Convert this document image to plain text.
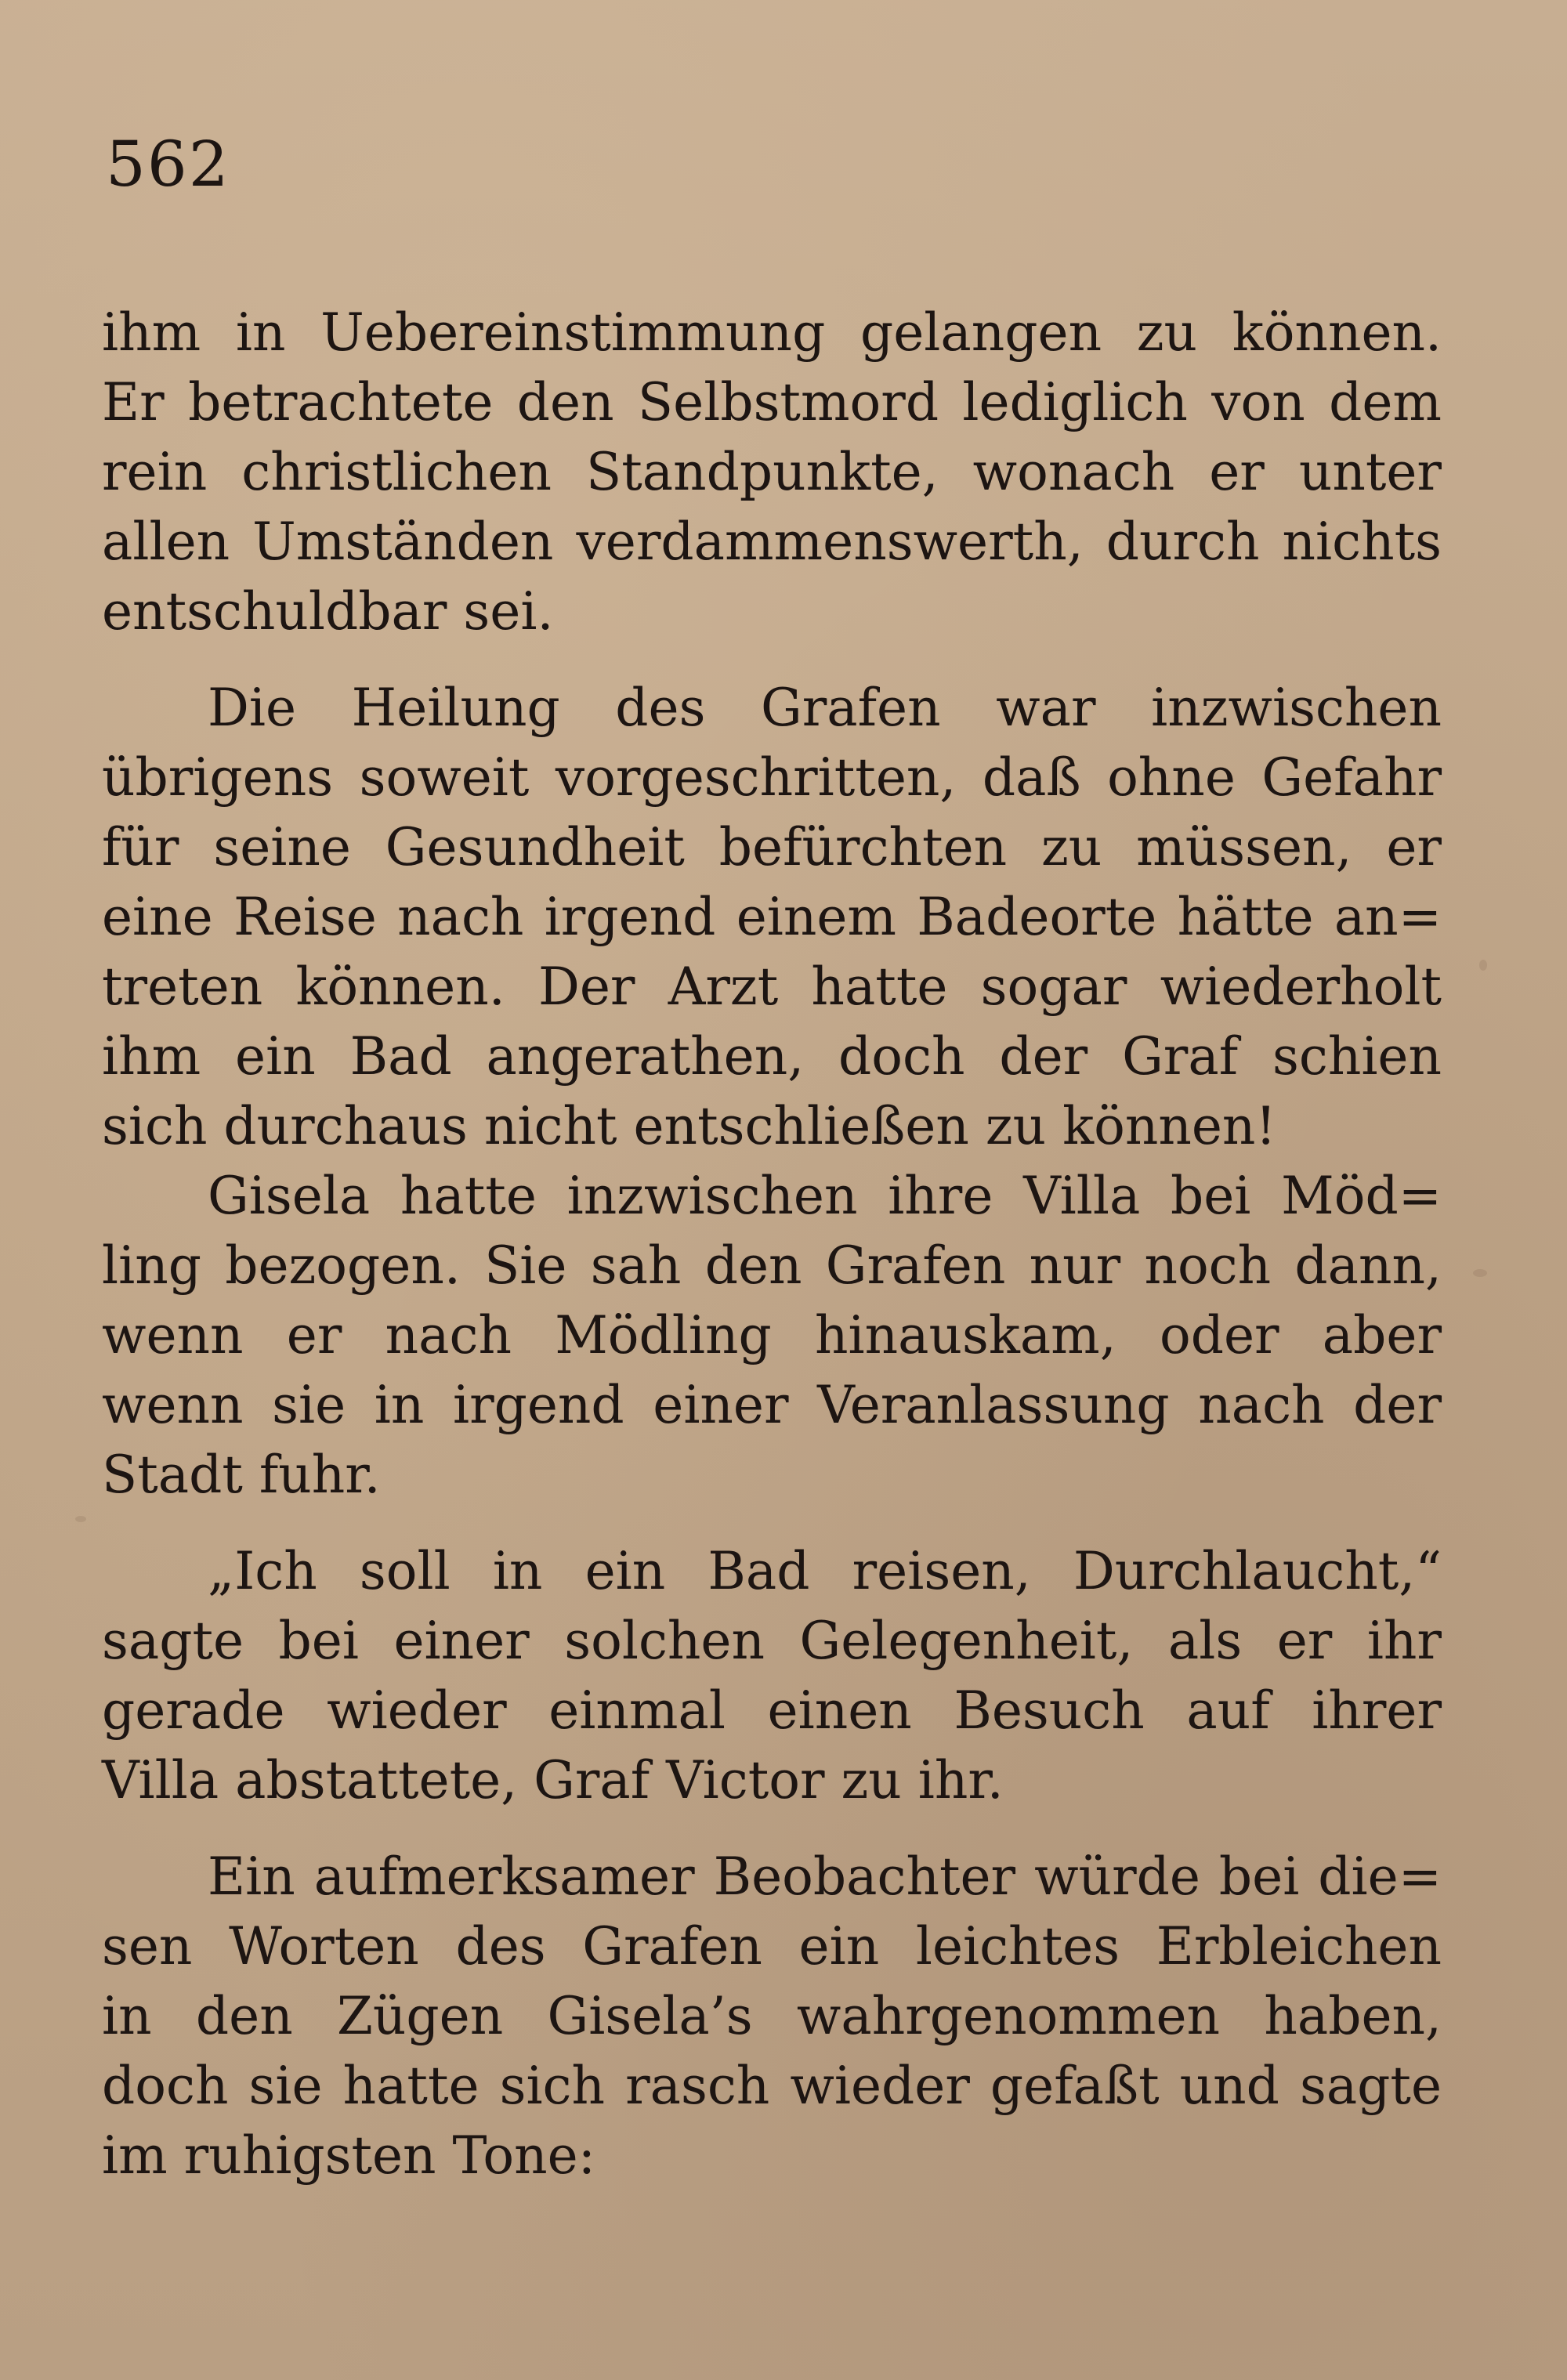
562
ihm in Uebereinstimmung gelangen zu können.
Er betrachtete den Selbstmord lediglich von dem
rein christlichen Standpunkte, wonach er unter
allen Umständen verdammenswerth, durch nichts
entschuldbar sei.
Die Heilung des Grafen war inzwischen
übrigens soweit vorgeschritten, daß ohne Gefahr
für seine Gesundheit befürchten zu müssen, er
eine Reise nach irgend einem Badeorte hätte an=
treten können. Der Arzt hatte sogar wiederholt
ihm ein Bad angerathen, doch der Graf schien
sich durchaus nicht entschließen zu können!
Gisela hatte inzwischen ihre Villa bei Möd=
ling bezogen. Sie sah den Grafen nur noch dann,
wenn er nach Mödling hinauskam, oder aber
wenn sie in irgend einer Veranlassung nach der
Stadt fuhr.
„Ich soll in ein Bad reisen, Durchlaucht,“
sagte bei einer solchen Gelegenheit, als er ihr
gerade wieder einmal einen Besuch auf ihrer
Villa abstattete, Graf Victor zu ihr.
Ein aufmerksamer Beobachter würde bei die=
sen Worten des Grafen ein leichtes Erbleichen
in den Zügen Gisela’s wahrgenommen haben,
doch sie hatte sich rasch wieder gefaßt und sagte
im ruhigsten Tone:
